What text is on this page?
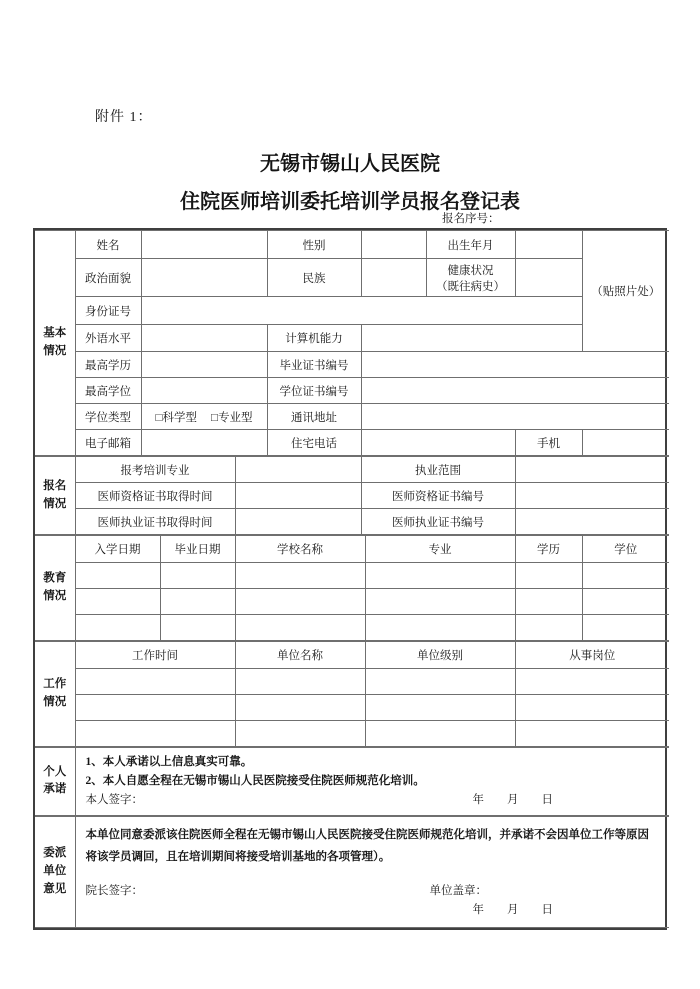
附件 1：
无锡市锡山人民医院
住院医师培训委托培训学员报名登记表
报名序号：
基本情况	姓名		性别		出生年月		（贴照片处）
	政治面貌		民族		健康状况
（既往病史）		

	身份证号						
	外语水平		计算机能力				
	最高学历		毕业证书编号				
	最高学位		学位证书编号				
	学位类型	□科学型 □专业型	通讯地址				
	电子邮箱		住宅电话			手机	
报名情况	报考培训专业		执业范围	
	医师资格证书取得时间		医师资格证书编号	
	医师执业证书取得时间		医师执业证书编号	
教育情况	入学日期	毕业日期	学校名称	专业	学历	学位

工作情况	工作时间	单位名称	单位级别	从事岗位

个人承诺

1、本人承诺以上信息真实可靠。
2、本人自愿全程在无锡市锡山人民医院接受住院医师规范化培训。
本人签字：	年　　月　　日
委派单位意见

本单位同意委派该住院医师全程在无锡市锡山人民医院接受住院医师规范化培训，并承诺不会因单位工作等原因将该学员调回，且在培训期间将接受培训基地的各项管理）。
院长签字：	单位盖章：
年　　月　　日
